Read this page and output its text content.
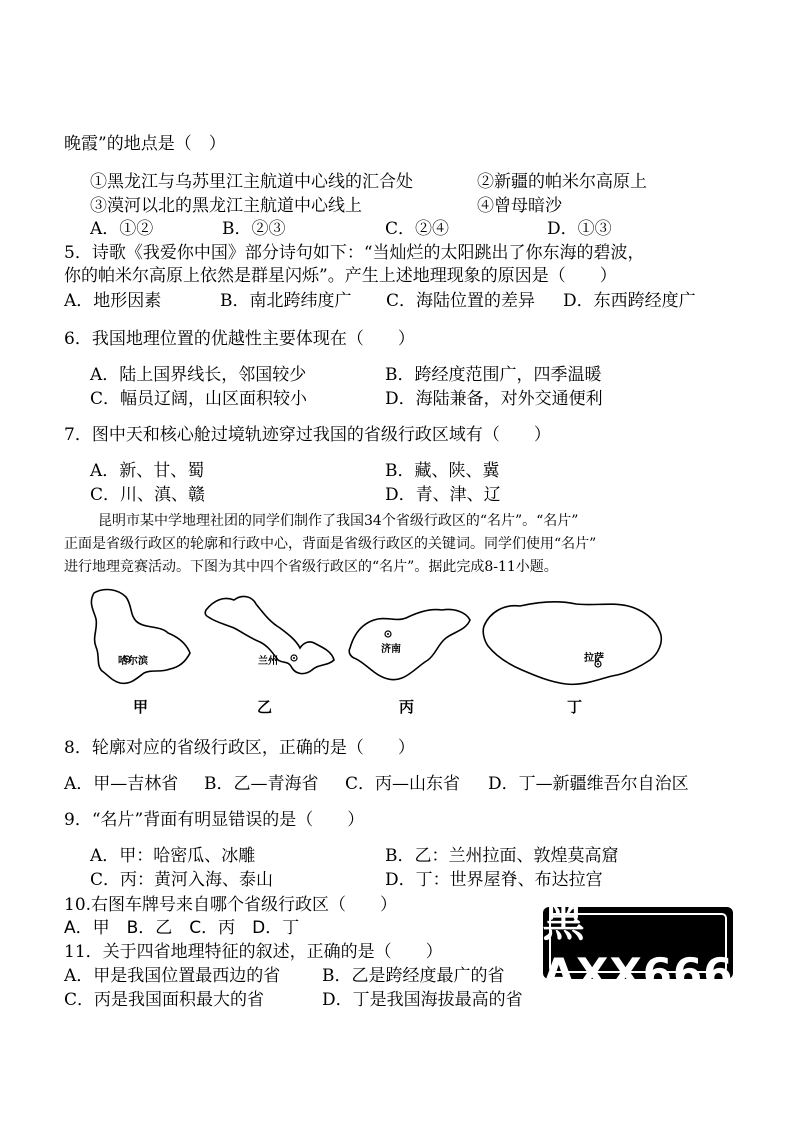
晚霞”的地点是（　）
①黑龙江与乌苏里江主航道中心线的汇合处	②新疆的帕米尔高原上
③漠河以北的黑龙江主航道中心线上	④曾母暗沙
A．①②	B．②③	C．②④	D．①③
5．诗歌《我爱你中国》部分诗句如下：“当灿烂的太阳跳出了你东海的碧波，
你的帕米尔高原上依然是群星闪烁”。产生上述地理现象的原因是（　　）
A．地形因素	B．南北跨纬度广 C．海陆位置的差异 D．东西跨经度广
6．我国地理位置的优越性主要体现在（　　）
A．陆上国界线长，邻国较少	B．跨经度范围广，四季温暖
C．幅员辽阔，山区面积较小	D．海陆兼备，对外交通便利
7．图中天和核心舱过境轨迹穿过我国的省级行政区域有（　　）
A．新、甘、蜀	B．藏、陕、冀
C．川、滇、赣	D．青、津、辽
昆明市某中学地理社团的同学们制作了我国34个省级行政区的“名片”。“名片”
正面是省级行政区的轮廓和行政中心，背面是省级行政区的关键词。同学们使用“名片”
进行地理竞赛活动。下图为其中四个省级行政区的“名片”。据此完成8-11小题。
哈尔滨
甲
兰州
乙
济南
丙
拉萨
丁
8．轮廓对应的省级行政区，正确的是（　　）
A．甲—吉林省 B．乙—青海省 C．丙—山东省 D．丁—新疆维吾尔自治区
9．“名片”背面有明显错误的是（　　）
A．甲：哈密瓜、冰雕	B．乙：兰州拉面、敦煌莫高窟
C．丙：黄河入海、泰山	D．丁：世界屋脊、布达拉宫
10.右图车牌号来自哪个省级行政区（　　）
A．甲　B．乙　C．丙　D．丁	黑AXX666
11．关于四省地理特征的叙述，正确的是（　　）
A．甲是我国位置最西边的省 B．乙是跨经度最广的省
C．丙是我国面积最大的省	D．丁是我国海拔最高的省
